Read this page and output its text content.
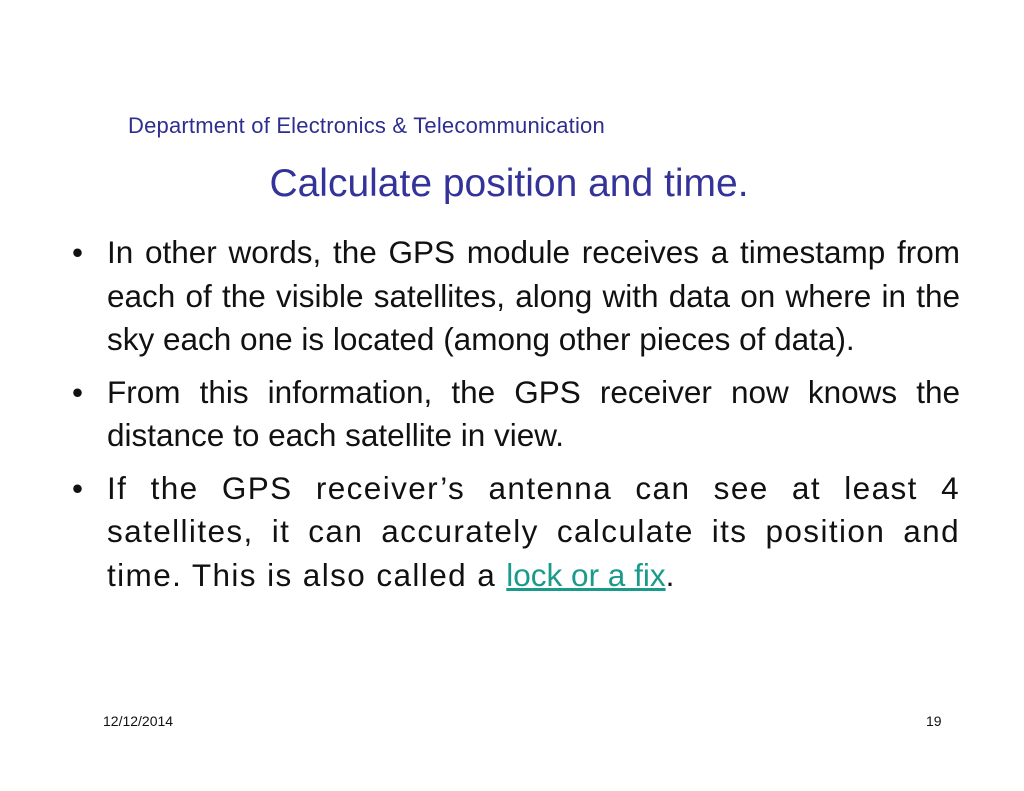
Department of Electronics & Telecommunication
Calculate position and time.
• In other words, the GPS module receives a timestamp from each of the visible satellites, along with data on where in the sky each one is located (among other pieces of data).
• From this information, the GPS receiver now knows the distance to each satellite in view.
• If the GPS receiver’s antenna can see at least 4 satellites, it can accurately calculate its position and time. This is also called a lock or a fix.
12/12/2014	19
